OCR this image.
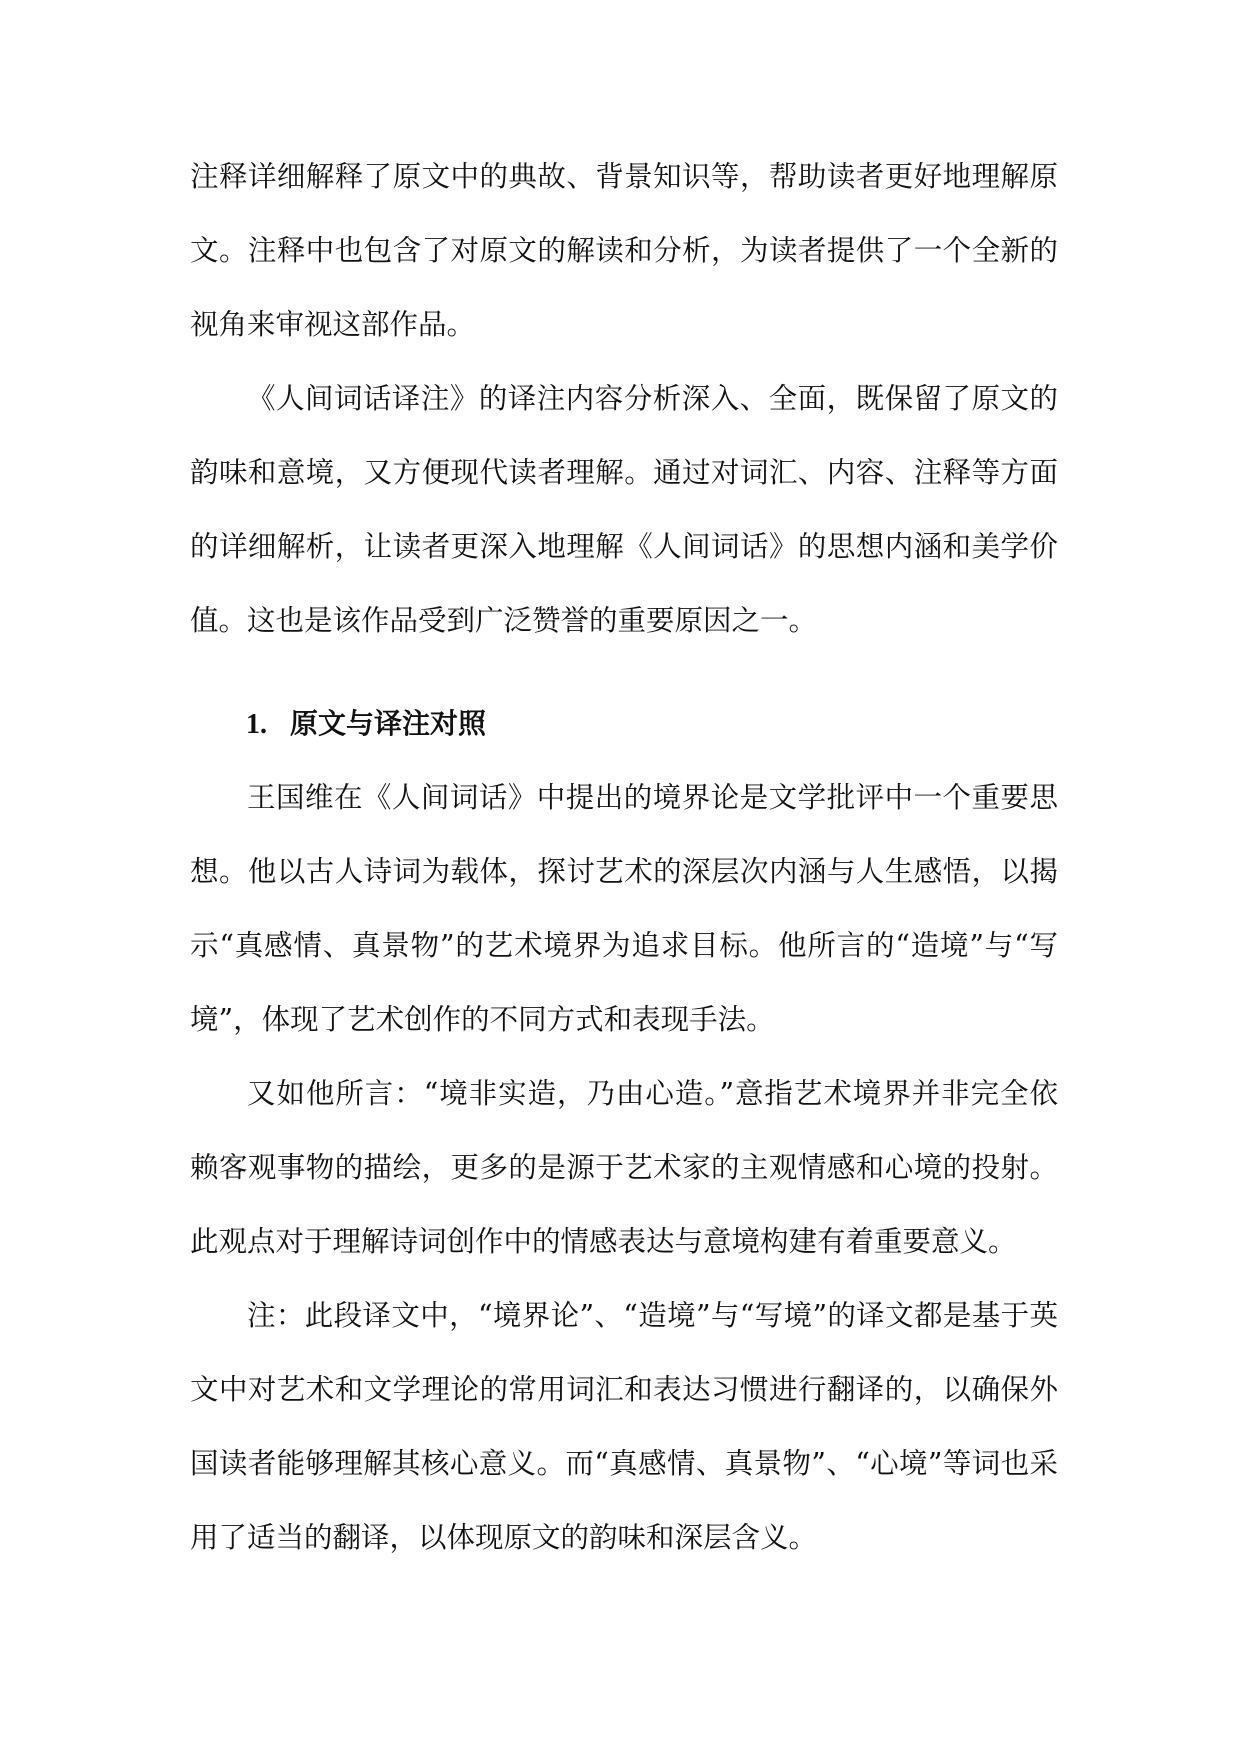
注释详细解释了原文中的典故、背景知识等，帮助读者更好地理解原文。注释中也包含了对原文的解读和分析，为读者提供了一个全新的视角来审视这部作品。

《人间词话译注》的译注内容分析深入、全面，既保留了原文的韵味和意境，又方便现代读者理解。通过对词汇、内容、注释等方面的详细解析，让读者更深入地理解《人间词话》的思想内涵和美学价值。这也是该作品受到广泛赞誉的重要原因之一。

1. 原文与译注对照

王国维在《人间词话》中提出的境界论是文学批评中一个重要思想。他以古人诗词为载体，探讨艺术的深层次内涵与人生感悟，以揭示“真感情、真景物”的艺术境界为追求目标。他所言的“造境”与“写境”，体现了艺术创作的不同方式和表现手法。

又如他所言：“境非实造，乃由心造。”意指艺术境界并非完全依赖客观事物的描绘，更多的是源于艺术家的主观情感和心境的投射。此观点对于理解诗词创作中的情感表达与意境构建有着重要意义。

注：此段译文中，“境界论”、“造境”与“写境”的译文都是基于英文中对艺术和文学理论的常用词汇和表达习惯进行翻译的，以确保外国读者能够理解其核心意义。而“真感情、真景物”、“心境”等词也采用了适当的翻译，以体现原文的韵味和深层含义。
